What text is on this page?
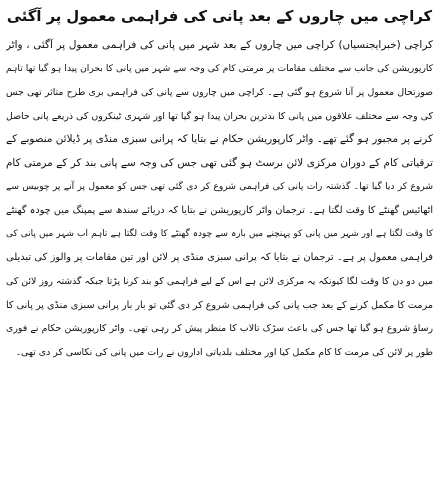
کراچی میں چاروں کے بعد پانی کی فراہمی معمول پر آگئی
کراچی (خبرایجنسیاں) کراچی میں چاروں کے بعد شہر میں پانی کی فراہمی معمول پر آگئی ، واٹر
کارپوریشن کی جانب سے مختلف مقامات پر مرمتی کام کی وجہ سے شہر میں پانی کا بحران پیدا ہو گیا تھا تاہم
صورتحال معمول پر آنا شروع ہو گئی ہے۔ کراچی میں چاروں سے پانی کی فراہمی بری طرح متاثر تھی جس
کی وجہ سے مختلف علاقوں میں پانی کا بدترین بحران پیدا ہو گیا تھا اور شہری ٹینکروں کی ذریعے پانی حاصل
کرنے پر مجبور ہو گئے تھے۔ واٹر کارپوریشن حکام نے بتایا کہ پرانی سبزی منڈی پر ڈیلائن منصوبے کے
ترقیاتی کام کے دوران مرکزی لائن برسٹ ہو گئی تھی جس کی وجہ سے پانی بند کر کے مرمتی کام
شروع کر دیا گیا تھا۔ گذشتہ رات پانی کی فراہمی شروع کر دی گئی تھی جس کو معمول پر آنے پر چوبیس سے
اٹھائیس گھنٹے کا وقت لگتا ہے۔ ترجمان واٹر کارپوریشن نے بتایا کہ دریائے سندھ سے پمپنگ میں چودہ گھنٹے
کا وقت لگتا ہے اور شہر میں پانی کو پہنچنے میں بارہ سے چودہ گھنٹے کا وقت لگتا ہے تاہم اب شہر میں پانی کی
فراہمی معمول پر ہے۔ ترجمان نے بتایا کہ پرانی سبزی منڈی پر لائن اور تین مقامات پر والوز کی تبدیلی
میں دو دن کا وقت لگا کیونکہ یہ مرکزی لائن ہے اس کے لیے فراہمی کو بند کرنا پڑتا جبکہ گذشتہ روز لائن کی
مرمت کا مکمل کرنے کے بعد جب پانی کی فراہمی شروع کر دی گئی تو بار بار پرانی سبزی منڈی پر پانی کا
رساؤ شروع ہو گیا تھا جس کی باعث سڑک تالاب کا منظر پیش کر رہی تھی۔ واٹر کارپوریشن حکام نے فوری
طور پر لائن کی مرمت کا کام مکمل کیا اور مختلف بلدیاتی اداروں نے رات میں پانی کی نکاسی کر دی تھی۔
